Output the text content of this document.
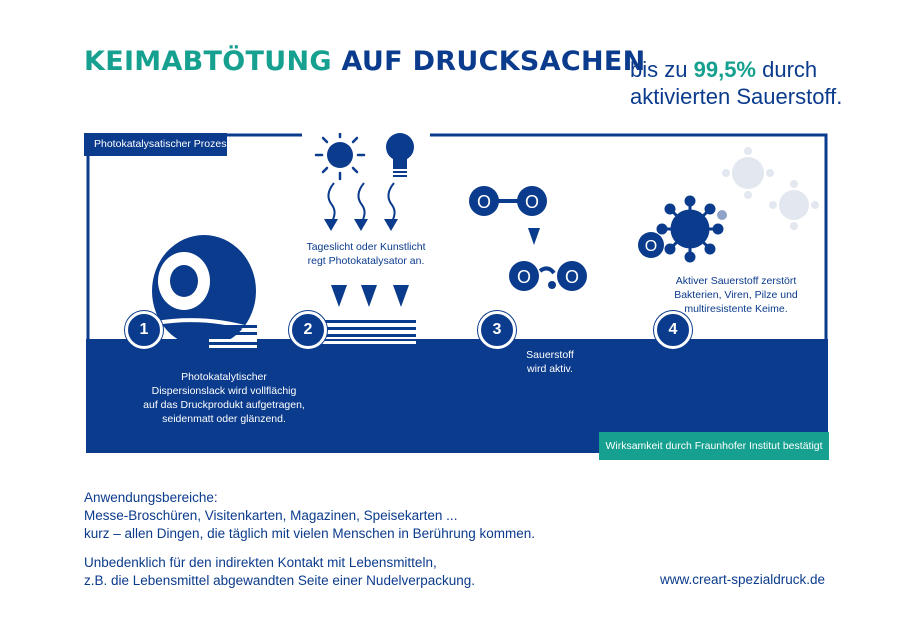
KEIMABTÖTUNG AUF DRUCKSACHEN
bis zu 99,5% durch
aktivierten Sauerstoff.
O O
O O
O
Photokatalysatischer Prozess
1	2	3	4
Photokatalytischer
Dispersionslack wird vollflächig
auf das Druckprodukt aufgetragen,
seidenmatt oder glänzend.
Tageslicht oder Kunstlicht
regt Photokatalysator an.
Sauerstoff
wird aktiv.
Aktiver Sauerstoff zerstört
Bakterien, Viren, Pilze und
multiresistente Keime.
©cre art.de
Wirksamkeit durch Fraunhofer Institut bestätigt
Anwendungsbereiche:
Messe-Broschüren, Visitenkarten, Magazinen, Speisekarten ...
kurz – allen Dingen, die täglich mit vielen Menschen in Berührung kommen.
Unbedenklich für den indirekten Kontakt mit Lebensmitteln,
z.B. die Lebensmittel abgewandten Seite einer Nudelverpackung.	www.creart-spezialdruck.de
